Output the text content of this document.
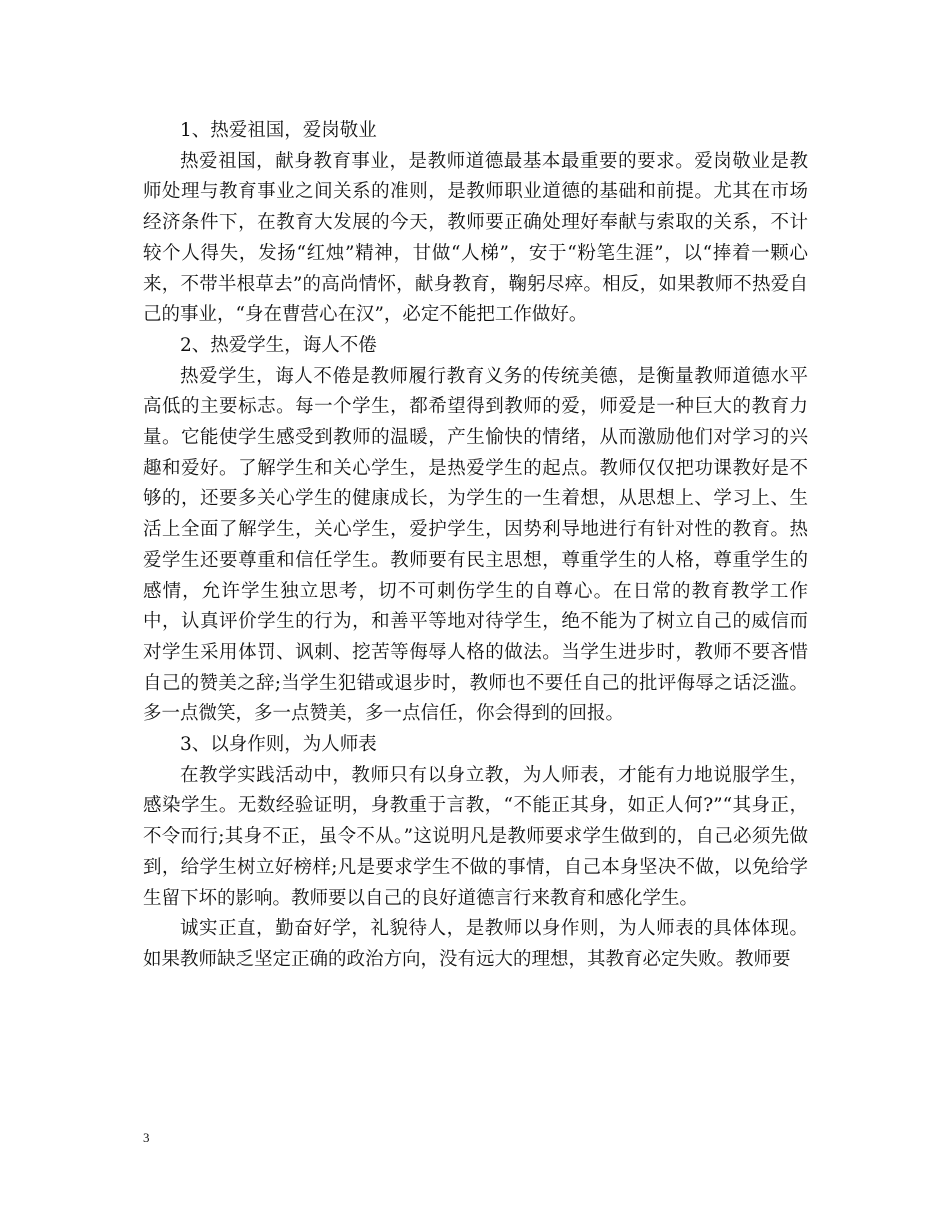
1、热爱祖国，爱岗敬业

热爱祖国，献身教育事业，是教师道德最基本最重要的要求。爱岗敬业是教师处理与教育事业之间关系的准则，是教师职业道德的基础和前提。尤其在市场经济条件下，在教育大发展的今天，教师要正确处理好奉献与索取的关系，不计较个人得失，发扬“红烛”精神，甘做“人梯”，安于“粉笔生涯”，以“捧着一颗心来，不带半根草去”的高尚情怀，献身教育，鞠躬尽瘁。相反，如果教师不热爱自己的事业，“身在曹营心在汉”，必定不能把工作做好。

2、热爱学生，诲人不倦

热爱学生，诲人不倦是教师履行教育义务的传统美德，是衡量教师道德水平高低的主要标志。每一个学生，都希望得到教师的爱，师爱是一种巨大的教育力量。它能使学生感受到教师的温暖，产生愉快的情绪，从而激励他们对学习的兴趣和爱好。了解学生和关心学生，是热爱学生的起点。教师仅仅把功课教好是不够的，还要多关心学生的健康成长，为学生的一生着想，从思想上、学习上、生活上全面了解学生，关心学生，爱护学生，因势利导地进行有针对性的教育。热爱学生还要尊重和信任学生。教师要有民主思想，尊重学生的人格，尊重学生的感情，允许学生独立思考，切不可刺伤学生的自尊心。在日常的教育教学工作中，认真评价学生的行为，和善平等地对待学生，绝不能为了树立自己的威信而对学生采用体罚、讽刺、挖苦等侮辱人格的做法。当学生进步时，教师不要吝惜自己的赞美之辞;当学生犯错或退步时，教师也不要任自己的批评侮辱之话泛滥。多一点微笑，多一点赞美，多一点信任，你会得到的回报。

3、以身作则，为人师表

在教学实践活动中，教师只有以身立教，为人师表，才能有力地说服学生，感染学生。无数经验证明，身教重于言教，“不能正其身，如正人何?”“其身正，不令而行;其身不正，虽令不从。”这说明凡是教师要求学生做到的，自己必须先做到，给学生树立好榜样;凡是要求学生不做的事情，自己本身坚决不做，以免给学生留下坏的影响。教师要以自己的良好道德言行来教育和感化学生。

诚实正直，勤奋好学，礼貌待人，是教师以身作则，为人师表的具体体现。如果教师缺乏坚定正确的政治方向，没有远大的理想，其教育必定失败。教师要

3
